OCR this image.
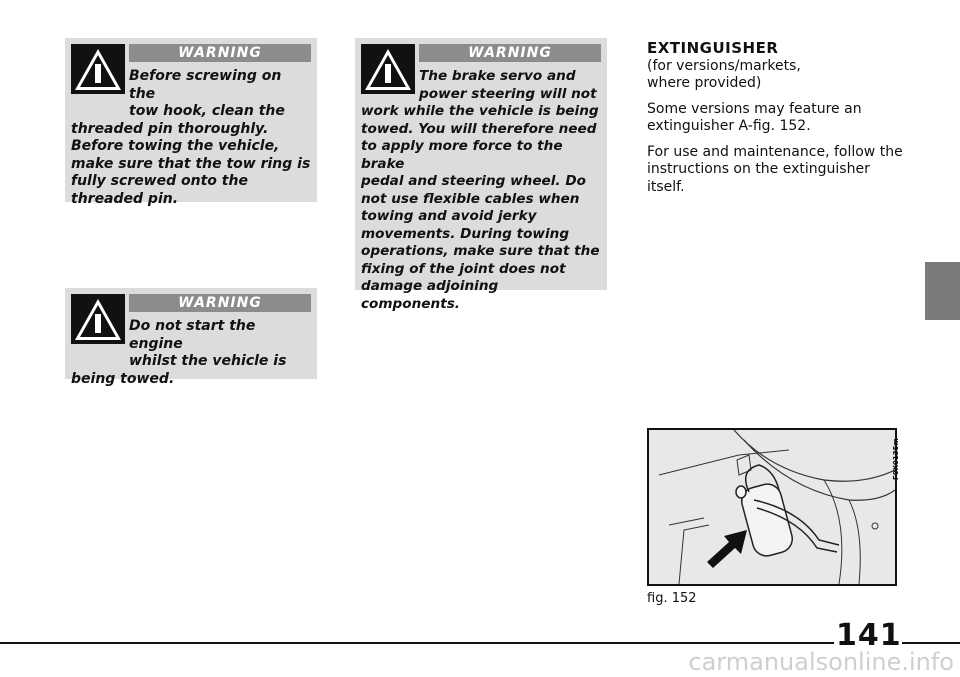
WARNING

Before screwing on the
tow hook, clean the
threaded pin thoroughly.
Before towing the vehicle,
make sure that the tow ring is
fully screwed onto the
threaded pin.

WARNING

Do not start the engine
whilst the vehicle is
being towed.

WARNING

The brake servo and
power steering will not
work while the vehicle is being
towed. You will therefore need
to apply more force to the brake
pedal and steering wheel. Do
not use flexible cables when
towing and avoid jerky
movements. During towing
operations, make sure that the
fixing of the joint does not
damage adjoining components.

EXTINGUISHER

(for versions/markets,

where provided)

Some versions may feature an

extinguisher A-fig. 152.

For use and maintenance, follow the

instructions on the extinguisher

itself.

F0X0135m
fig. 152
141
carmanualsonline.info
